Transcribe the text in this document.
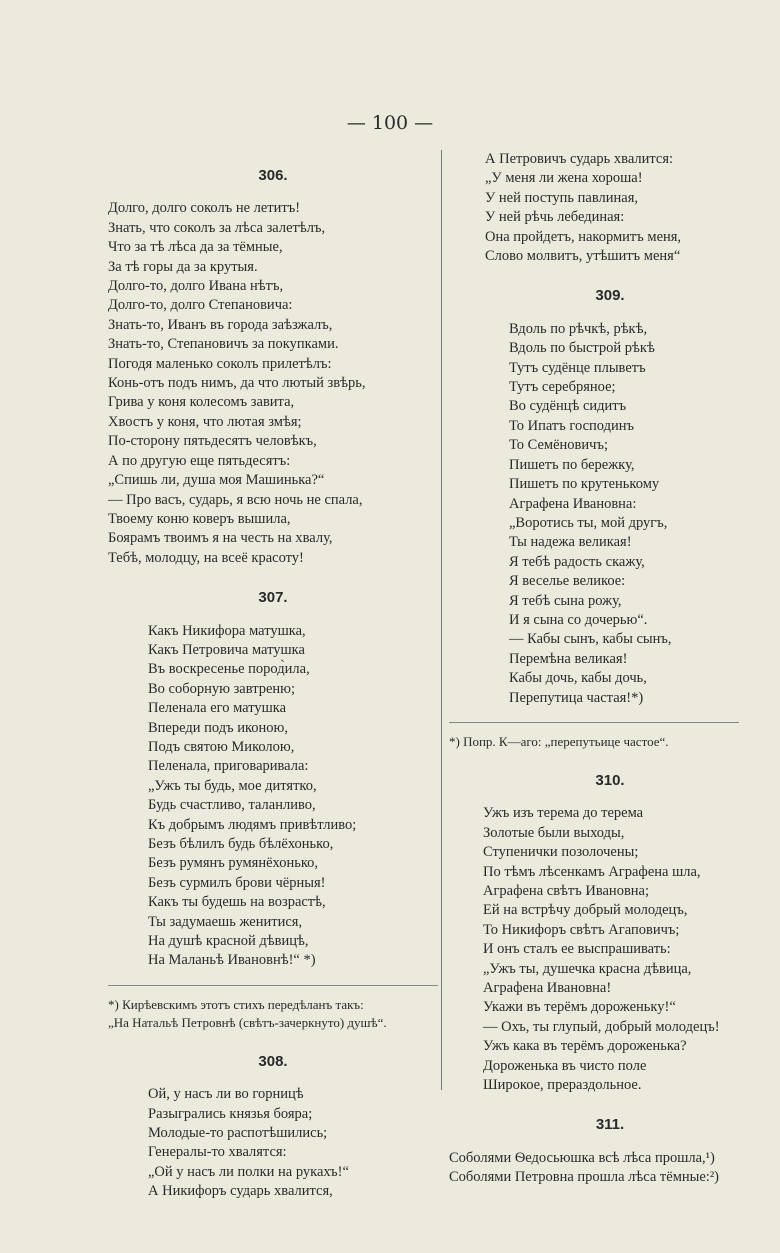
— 100 —
306.
Долго, долго соколъ не летитъ!
Знать, что соколъ за лѣса залетѣлъ,
Что за тѣ лѣса да за тёмные,
За тѣ горы да за крутыя.
Долго-то, долго Ивана нѣтъ,
Долго-то, долго Степановича:
Знать-то, Иванъ въ города заѣзжалъ,
Знать-то, Степановичъ за покупками.
Погодя маленько соколъ прилетѣлъ:
Конь-отъ подъ нимъ, да что лютый звѣрь,
Грива у коня колесомъ завита,
Хвостъ у коня, что лютая змѣя;
По-сторону пятьдесятъ человѣкъ,
А по другую еще пятьдесятъ:
„Спишь ли, душа моя Машинька?“
— Про васъ, сударь, я всю ночь не спала,
Твоему коню коверъ вышила,
Боярамъ твоимъ я на честь на хвалу,
Тебѣ, молодцу, на всеё красоту!
307.
Какъ Никифора матушка,
Какъ Петровича матушка
Въ воскресенье пород̀ила,
Во соборную завтреню;
Пеленала его матушка
Впереди подъ иконою,
Подъ святою Миколою,
Пеленала, приговаривала:
„Ужъ ты будь, мое дитятко,
Будь счастливо, таланливо,
Къ добрымъ людямъ привѣтливо;
Безъ бѣлилъ будь бѣлёхонько,
Безъ румянъ румянёхонько,
Безъ сурмилъ брови чёрныя!
Какъ ты будешь на возрастѣ,
Ты задумаешь женитися,
На душѣ красной дѣвицѣ,
На Маланьѣ Ивановнѣ!“ *)
*) Кирѣевскимъ этотъ стихъ передѣланъ такъ:
„На Натальѣ Петровнѣ (свѣтъ-зачеркнуто) душѣ“.
308.
Ой, у насъ ли во горницѣ
Разыгрались князья бояра;
Молодые-то распотѣшились;
Генералы-то хвалятся:
„Ой у насъ ли полки на рукахъ!“
А Никифоръ сударь хвалится,
А Петровичъ сударь хвалится:
„У меня ли жена хороша!
У ней поступь павлиная,
У ней рѣчь лебединая:
Она пройдетъ, накормитъ меня,
Слово молвитъ, утѣшитъ меня“
309.
Вдоль по рѣчкѣ, рѣкѣ,
Вдоль по быстрой рѣкѣ
Тутъ судёнце плыветъ
Тутъ серебряное;
Во судёнцѣ сидитъ
То Ипатъ господинъ
То Семёновичъ;
Пишетъ по бережку,
Пишетъ по крутенькому
Аграфена Ивановна:
„Воротись ты, мой другъ,
Ты надежа великая!
Я тебѣ радость скажу,
Я веселье великое:
Я тебѣ сына рожу,
И я сына со дочерью“.
— Кабы сынъ, кабы сынъ,
Перемѣна великая!
Кабы дочь, кабы дочь,
Перепутица частая!*)
*) Попр. К—аго: „перепутьице частое“.
310.
Ужъ изъ терема до терема
Золотые были выходы,
Ступенички позолочены;
По тѣмъ лѣсенкамъ Аграфена шла,
Аграфена свѣтъ Ивановна;
Ей на встрѣчу добрый молодецъ,
То Никифоръ свѣтъ Агаповичъ;
И онъ сталъ ее выспрашивать:
„Ужъ ты, душечка красна дѣвица,
Аграфена Ивановна!
Укажи въ терёмъ дороженьку!“
— Охъ, ты глупый, добрый молодецъ!
Ужъ кака въ терёмъ дороженька?
Дороженька въ чисто поле
Широкое, прераздольное.
311.
Соболями Ѳедосьюшка всѣ лѣса прошла,¹)
Соболями Петровна прошла лѣса тёмные:²)
